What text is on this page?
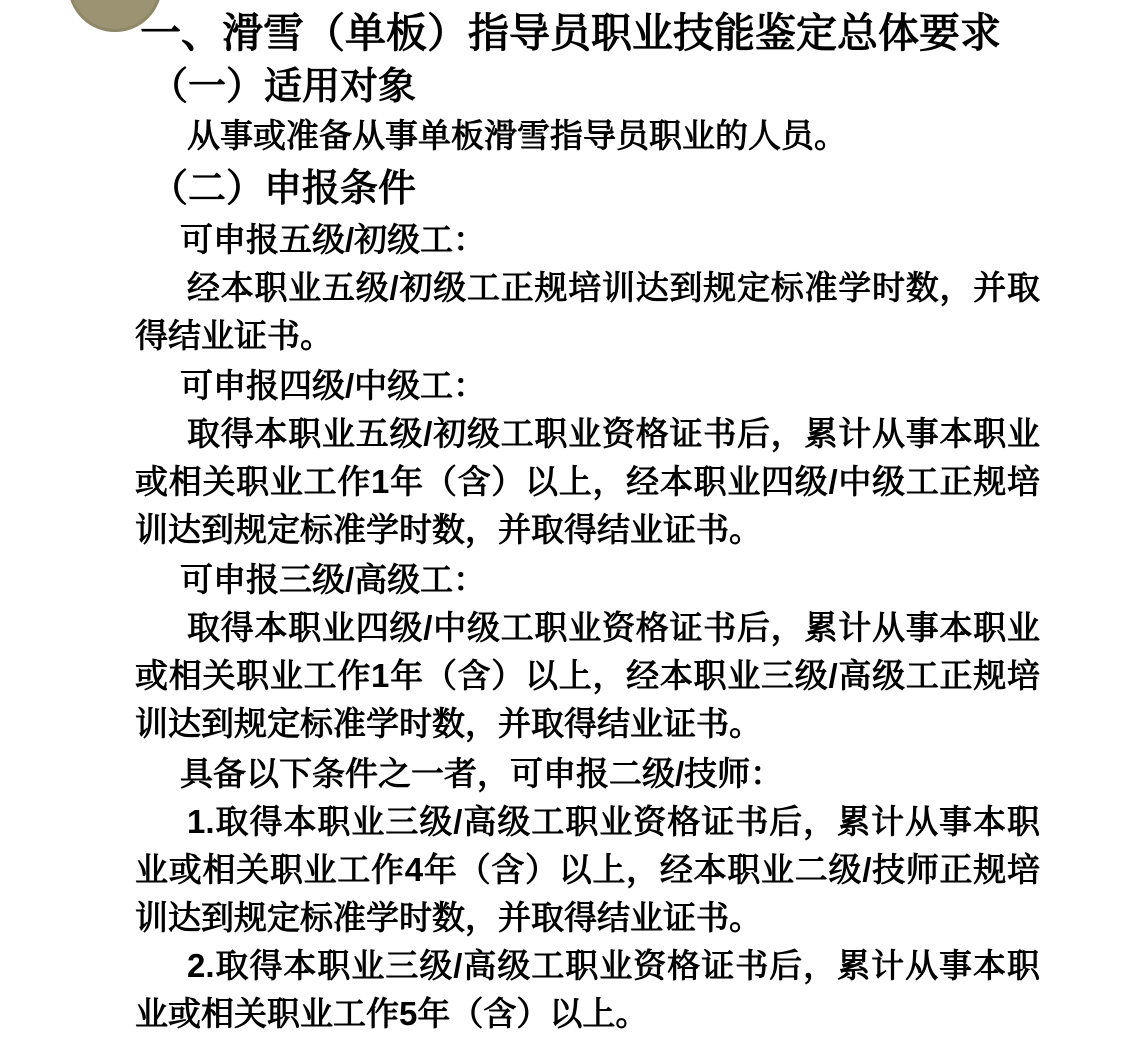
一、滑雪（单板）指导员职业技能鉴定总体要求
（一）适用对象

从事或准备从事单板滑雪指导员职业的人员。

（二）申报条件
可申报五级/初级工：

经本职业五级/初级工正规培训达到规定标准学时数，并取得结业证书。

可申报四级/中级工：

取得本职业五级/初级工职业资格证书后，累计从事本职业或相关职业工作1年（含）以上，经本职业四级/中级工正规培训达到规定标准学时数，并取得结业证书。

可申报三级/高级工：

取得本职业四级/中级工职业资格证书后，累计从事本职业或相关职业工作1年（含）以上，经本职业三级/高级工正规培训达到规定标准学时数，并取得结业证书。

具备以下条件之一者，可申报二级/技师：

1.取得本职业三级/高级工职业资格证书后，累计从事本职业或相关职业工作4年（含）以上，经本职业二级/技师正规培训达到规定标准学时数，并取得结业证书。

2.取得本职业三级/高级工职业资格证书后，累计从事本职业或相关职业工作5年（含）以上。
